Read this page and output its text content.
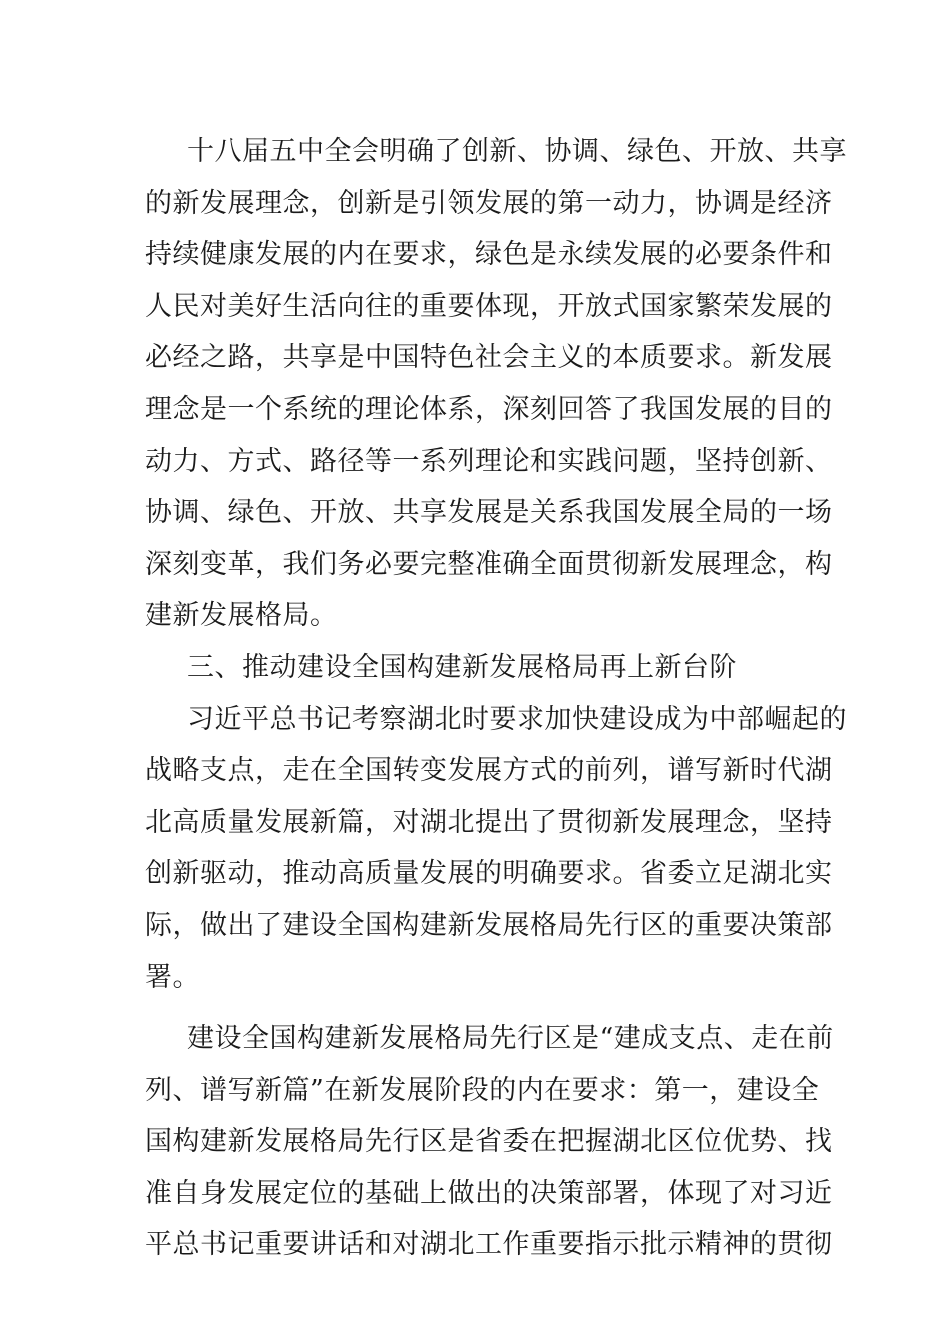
十八届五中全会明确了创新、协调、绿色、开放、共享
的新发展理念，创新是引领发展的第一动力，协调是经济
持续健康发展的内在要求，绿色是永续发展的必要条件和
人民对美好生活向往的重要体现，开放式国家繁荣发展的
必经之路，共享是中国特色社会主义的本质要求。新发展
理念是一个系统的理论体系，深刻回答了我国发展的目的
动力、方式、路径等一系列理论和实践问题，坚持创新、
协调、绿色、开放、共享发展是关系我国发展全局的一场
深刻变革，我们务必要完整准确全面贯彻新发展理念，构
建新发展格局。
三、推动建设全国构建新发展格局再上新台阶
习近平总书记考察湖北时要求加快建设成为中部崛起的
战略支点，走在全国转变发展方式的前列，谱写新时代湖
北高质量发展新篇，对湖北提出了贯彻新发展理念，坚持
创新驱动，推动高质量发展的明确要求。省委立足湖北实
际，做出了建设全国构建新发展格局先行区的重要决策部
署。
建设全国构建新发展格局先行区是“建成支点、走在前
列、谱写新篇”在新发展阶段的内在要求：第一，建设全
国构建新发展格局先行区是省委在把握湖北区位优势、找
准自身发展定位的基础上做出的决策部署，体现了对习近
平总书记重要讲话和对湖北工作重要指示批示精神的贯彻
